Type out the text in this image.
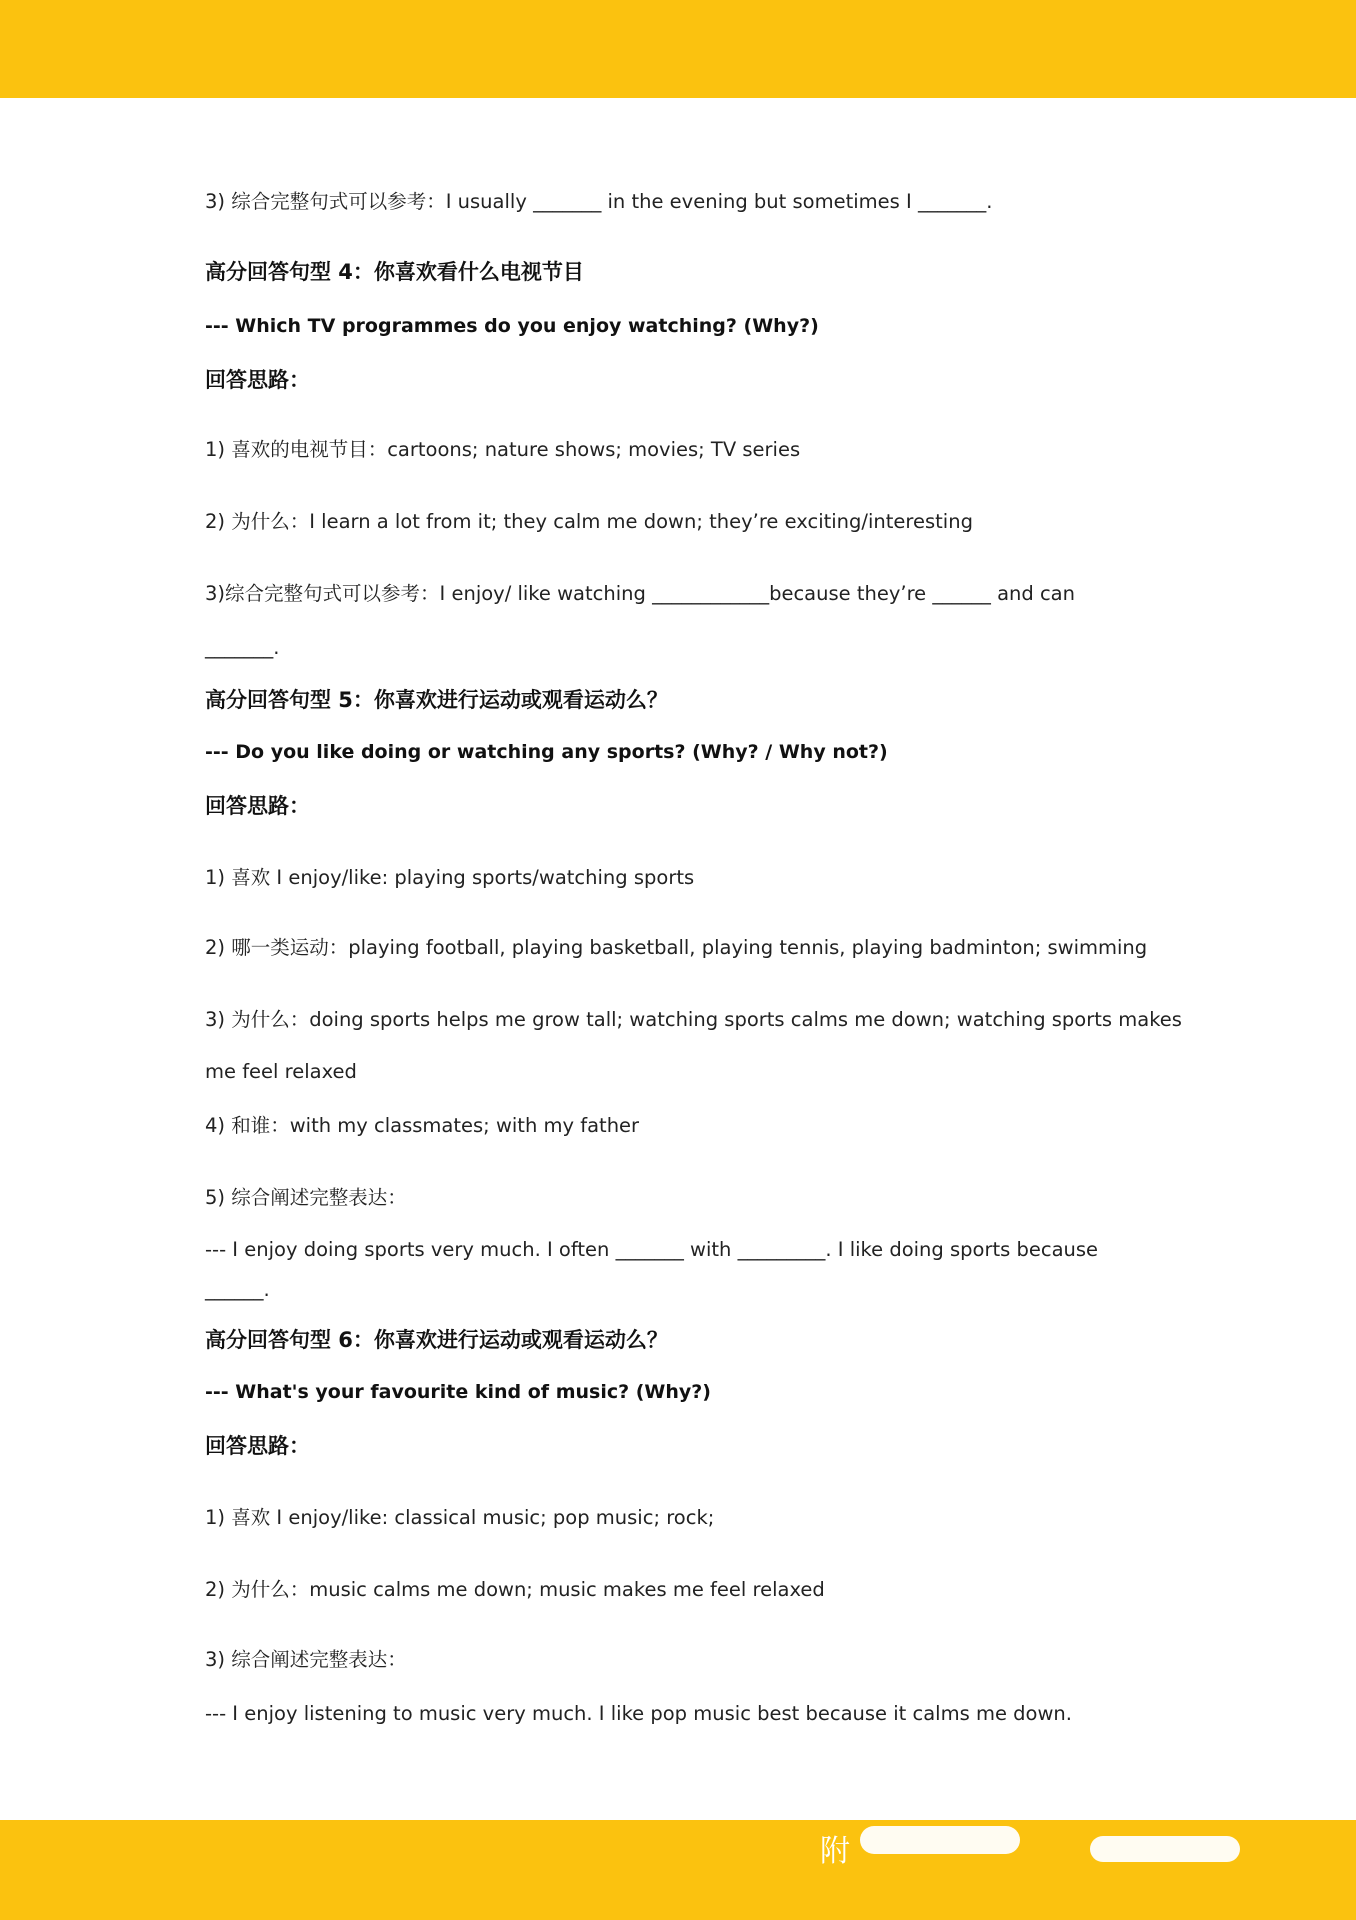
3) 综合完整句式可以参考：I usually _______ in the evening but sometimes I _______.
高分回答句型 4：你喜欢看什么电视节目
--- Which TV programmes do you enjoy watching? (Why?)
回答思路：
1) 喜欢的电视节目：cartoons; nature shows; movies; TV series
2) 为什么：I learn a lot from it; they calm me down; they’re exciting/interesting
3)综合完整句式可以参考：I enjoy/ like watching ____________because they’re ______ and can
_______.
高分回答句型 5：你喜欢进行运动或观看运动么？
--- Do you like doing or watching any sports? (Why? / Why not?)
回答思路：
1) 喜欢 I enjoy/like: playing sports/watching sports
2) 哪一类运动：playing football, playing basketball, playing tennis, playing badminton; swimming
3) 为什么：doing sports helps me grow tall; watching sports calms me down; watching sports makes
me feel relaxed
4) 和谁：with my classmates; with my father
5) 综合阐述完整表达：
--- I enjoy doing sports very much. I often _______ with _________. I like doing sports because
______.
高分回答句型 6：你喜欢进行运动或观看运动么？
--- What's your favourite kind of music? (Why?)
回答思路：
1) 喜欢 I enjoy/like: classical music; pop music; rock;
2) 为什么：music calms me down; music makes me feel relaxed
3) 综合阐述完整表达：
--- I enjoy listening to music very much. I like pop music best because it calms me down.
附
